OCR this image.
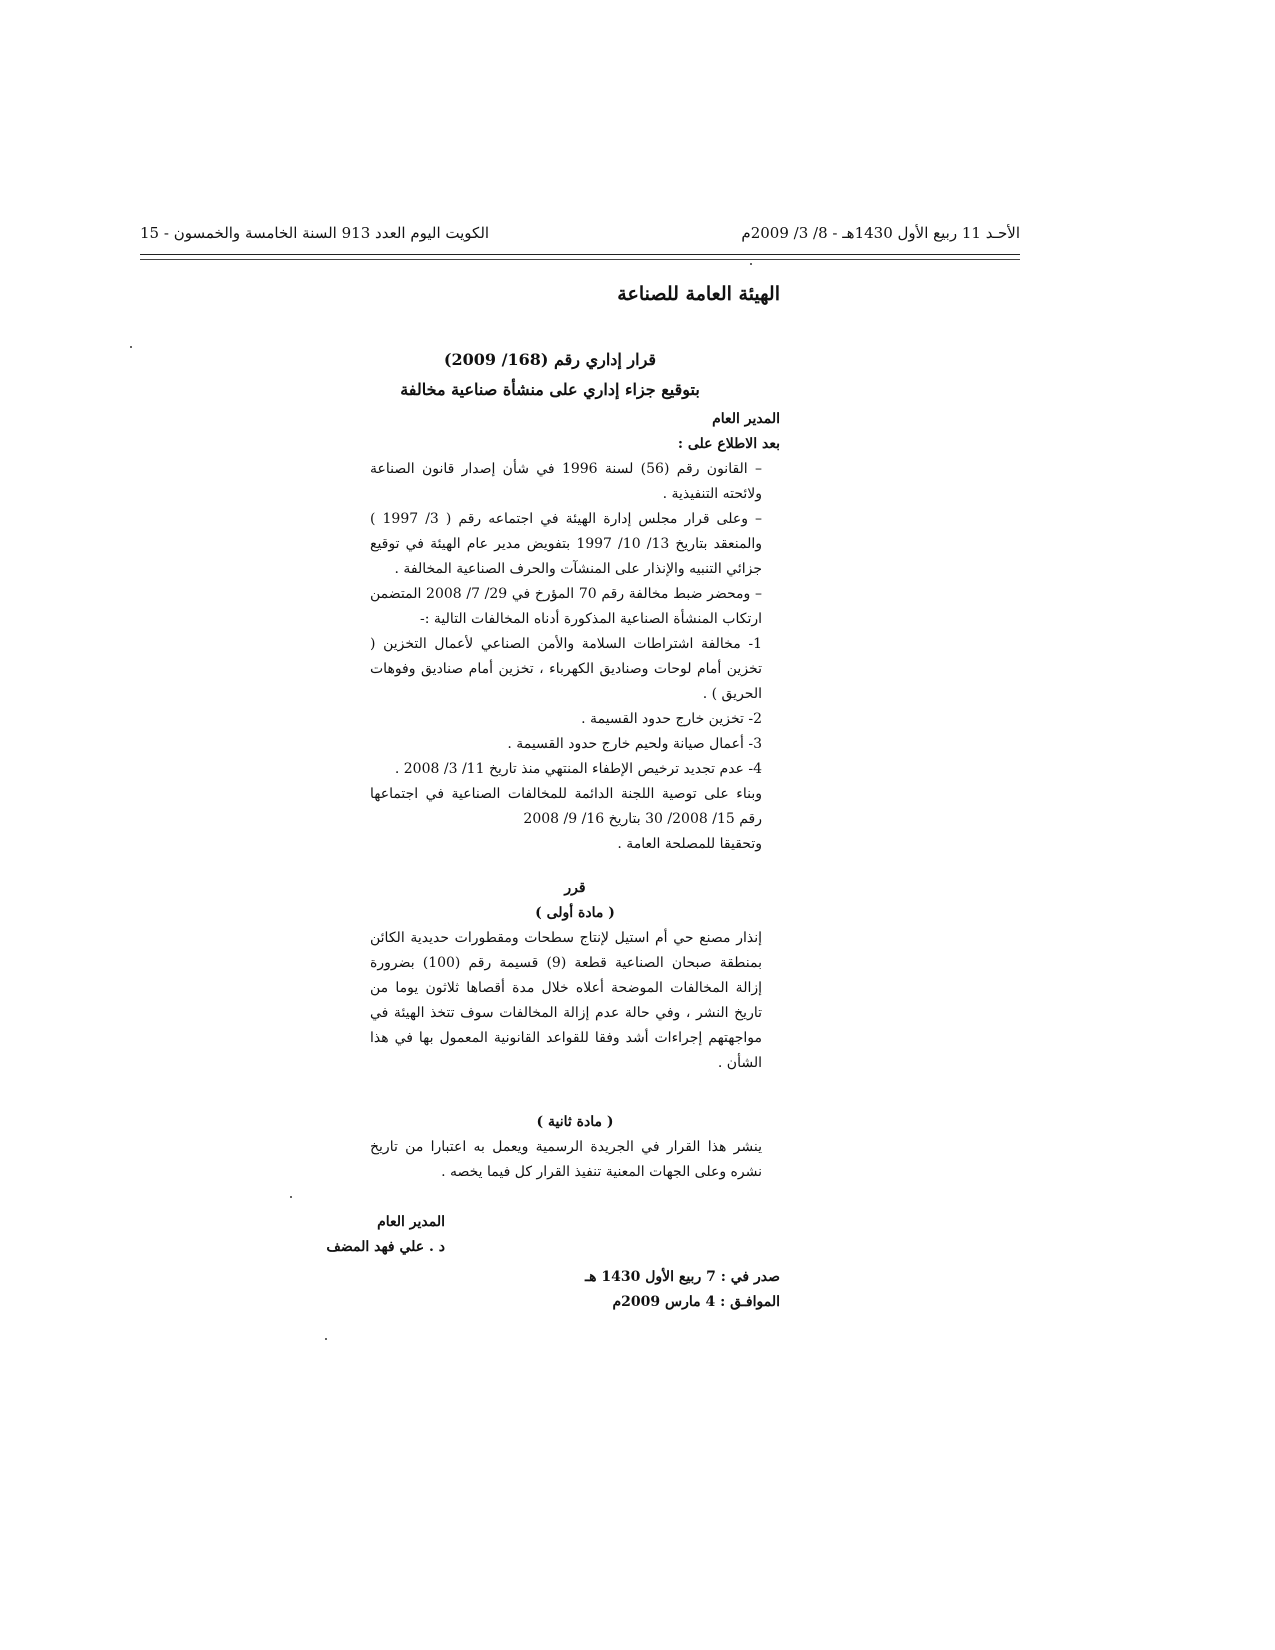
الكويت اليوم العدد 913 السنة الخامسة والخمسون - 15	الأحـد 11 ربيع الأول 1430هـ - 8/ 3/ 2009م
الهيئة العامة للصناعة
قرار إداري رقم (168/ 2009)
بتوقيع جزاء إداري على منشأة صناعية مخالفة

المدير العام

بعد الاطلاع على :

– القانون رقم (56) لسنة 1996 في شأن إصدار قانون الصناعة ولائحته التنفيذية .

– وعلى قرار مجلس إدارة الهيئة في اجتماعه رقم ( 3/ 1997 ) والمنعقد بتاريخ 13/ 10/ 1997 بتفويض مدير عام الهيئة في توقيع جزائي التنبيه والإنذار على المنشآت والحرف الصناعية المخالفة .

– ومحضر ضبط مخالفة رقم 70 المؤرخ في 29/ 7/ 2008 المتضمن ارتكاب المنشأة الصناعية المذكورة أدناه المخالفات التالية :-

1- مخالفة اشتراطات السلامة والأمن الصناعي لأعمال التخزين ( تخزين أمام لوحات وصناديق الكهرباء ، تخزين أمام صناديق وفوهات الحريق ) .

2- تخزين خارج حدود القسيمة .

3- أعمال صيانة ولحيم خارج حدود القسيمة .

4- عدم تجديد ترخيص الإطفاء المنتهي منذ تاريخ 11/ 3/ 2008 .

وبناء على توصية اللجنة الدائمة للمخالفات الصناعية في اجتماعها رقم 15/ 2008/ 30 بتاريخ 16/ 9/ 2008

وتحقيقا للمصلحة العامة .

قرر

( مادة أولى )

إنذار مصنع حي أم استيل لإنتاج سطحات ومقطورات حديدية الكائن بمنطقة صبحان الصناعية قطعة (9) قسيمة رقم (100) بضرورة إزالة المخالفات الموضحة أعلاه خلال مدة أقصاها ثلاثون يوما من تاريخ النشر ، وفي حالة عدم إزالة المخالفات سوف تتخذ الهيئة في مواجهتهم إجراءات أشد وفقا للقواعد القانونية المعمول بها في هذا الشأن .

( مادة ثانية )

ينشر هذا القرار في الجريدة الرسمية ويعمل به اعتبارا من تاريخ نشره وعلى الجهات المعنية تنفيذ القرار كل فيما يخصه .

المدير العام

د . علي فهد المضف

صدر في : 7 ربيع الأول 1430 هـ

الموافـق : 4 مارس 2009م
